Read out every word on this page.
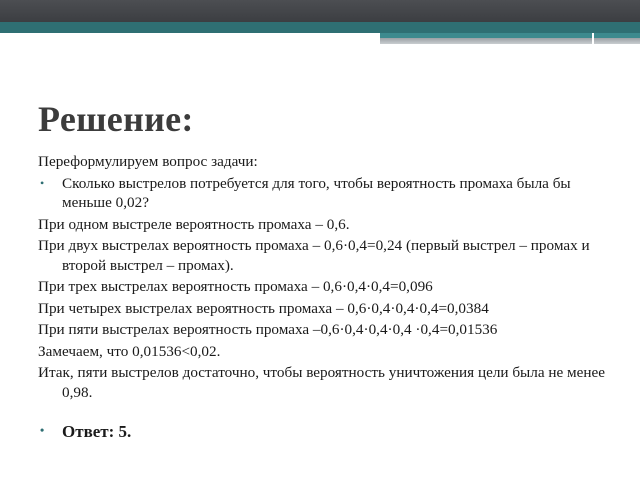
Решение:
Переформулируем вопрос задачи:
• Сколько выстрелов потребуется для того, чтобы вероятность промаха была бы меньше 0,02?
При одном выстреле вероятность промаха – 0,6.
При двух выстрелах вероятность промаха – 0,6·0,4=0,24 (первый выстрел – промах и второй выстрел – промах).
При трех выстрелах вероятность промаха – 0,6·0,4·0,4=0,096
При четырех выстрелах вероятность промаха – 0,6·0,4·0,4·0,4=0,0384
При пяти выстрелах вероятность промаха –0,6·0,4·0,4·0,4 ·0,4=0,01536
Замечаем, что 0,01536<0,02.
Итак, пяти выстрелов достаточно, чтобы вероятность уничтожения цели была не менее 0,98.
• Ответ: 5.
